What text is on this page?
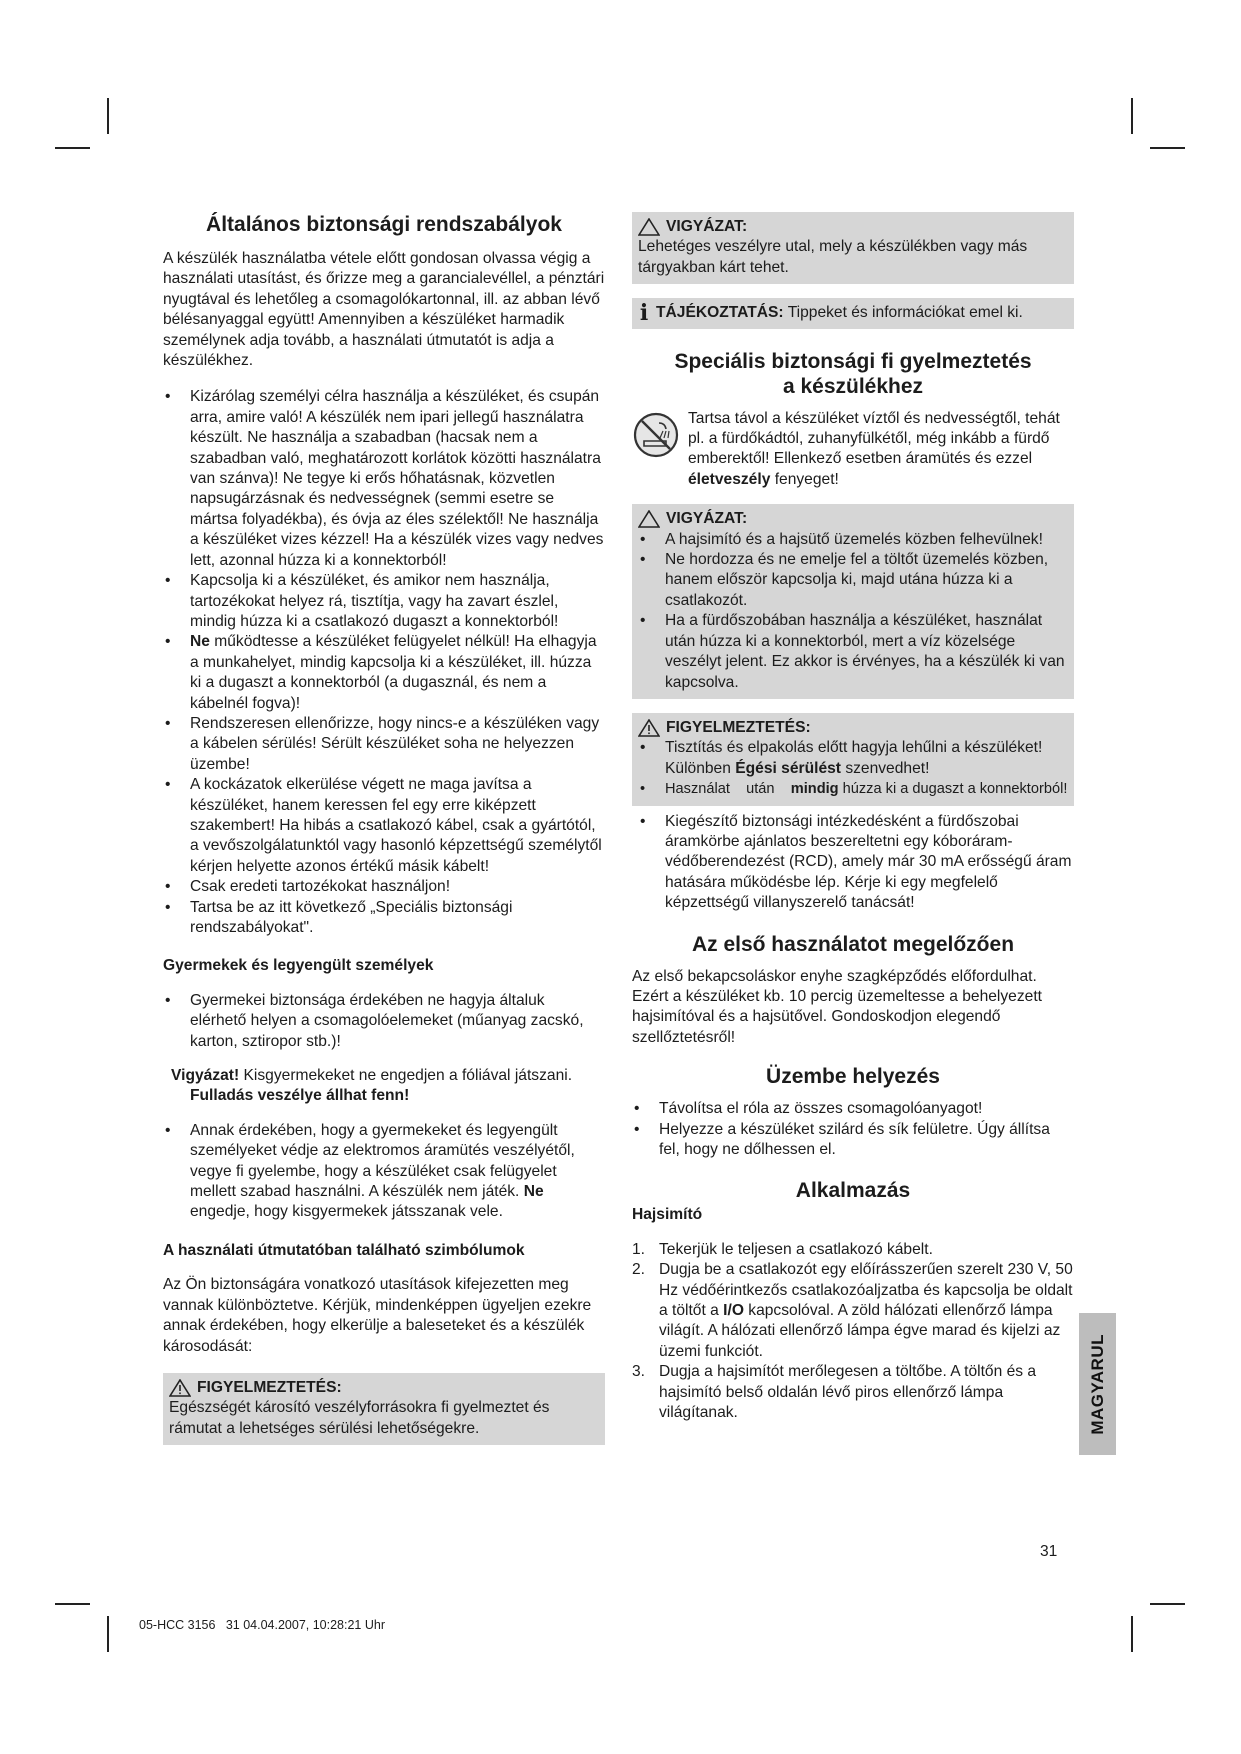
Általános biztonsági rendszabályok

A készülék használatba vétele előtt gondosan olvassa végig a használati utasítást, és őrizze meg a garancialevéllel, a pénztári nyugtával és lehetőleg a csomagolókartonnal, ill. az abban lévő bélésanyaggal együtt! Amennyiben a készüléket harmadik személynek adja tovább, a használati útmutatót is adja a készülékhez.

• Kizárólag személyi célra használja a készüléket, és csupán arra, amire való! A készülék nem ipari jellegű használatra készült. Ne használja a szabadban (hacsak nem a szabadban való, meghatározott korlátok közötti használatra van szánva)! Ne tegye ki erős hőhatásnak, közvetlen napsugárzásnak és nedvességnek (semmi esetre se mártsa folyadékba), és óvja az éles szélektől! Ne használja a készüléket vizes kézzel! Ha a készülék vizes vagy nedves lett, azonnal húzza ki a konnektorból!
• Kapcsolja ki a készüléket, és amikor nem használja, tartozékokat helyez rá, tisztítja, vagy ha zavart észlel, mindig húzza ki a csatlakozó dugaszt a konnektorból!
• Ne működtesse a készüléket felügyelet nélkül! Ha elhagyja a munkahelyet, mindig kapcsolja ki a készüléket, ill. húzza ki a dugaszt a konnektorból (a dugasznál, és nem a kábelnél fogva)!
• Rendszeresen ellenőrizze, hogy nincs-e a készüléken vagy a kábelen sérülés! Sérült készüléket soha ne helyezzen üzembe!
• A kockázatok elkerülése végett ne maga javítsa a készüléket, hanem keressen fel egy erre kiképzett szakembert! Ha hibás a csatlakozó kábel, csak a gyártótól, a vevőszolgálatunktól vagy hasonló képzettségű személytől kérjen helyette azonos értékű másik kábelt!
• Csak eredeti tartozékokat használjon!
• Tartsa be az itt következő „Speciális biztonsági rendszabályokat".
Gyermekek és legyengült személyek
• Gyermekei biztonsága érdekében ne hagyja általuk elérhető helyen a csomagolóelemeket (műanyag zacskó, karton, sztiropor stb.)!

Vigyázat! Kisgyermekeket ne engedjen a fóliával játszani.
Fulladás veszélye állhat fenn!

• Annak érdekében, hogy a gyermekeket és legyengült személyeket védje az elektromos áramütés veszélyétől, vegye fi gyelembe, hogy a készüléket csak felügyelet mellett szabad használni. A készülék nem játék. Ne engedje, hogy kisgyermekek játsszanak vele.
A használati útmutatóban található szimbólumok

Az Ön biztonságára vonatkozó utasítások kifejezetten meg vannak különböztetve. Kérjük, mindenképpen ügyeljen ezekre annak érdekében, hogy elkerülje a baleseteket és a készülék károsodását:

FIGYELMEZTETÉS:
Egészségét károsító veszélyforrásokra fi gyelmeztet és rámutat a lehetséges sérülési lehetőségekre.
VIGYÁZAT:
Lehetéges veszélyre utal, mely a készülékben vagy más tárgyakban kárt tehet.
i TÁJÉKOZTATÁS: Tippeket és információkat emel ki.
Speciális biztonsági fi gyelmeztetés
a készülékhez
Tartsa távol a készüléket víztől és nedvességtől, tehát pl. a fürdőkádtól, zuhanyfülkétől, még inkább a fürdő emberektől! Ellenkező esetben áramütés és ezzel életveszély fenyeget!
VIGYÁZAT:
• A hajsimító és a hajsütő üzemelés közben felhevülnek!
• Ne hordozza és ne emelje fel a töltőt üzemelés közben, hanem először kapcsolja ki, majd utána húzza ki a csatlakozót.
• Ha a fürdőszobában használja a készüléket, használat után húzza ki a konnektorból, mert a víz közelsége veszélyt jelent. Ez akkor is érvényes, ha a készülék ki van kapcsolva.
FIGYELMEZTETÉS:
• Tisztítás és elpakolás előtt hagyja lehűlni a készüléket! Különben Égési sérülést szenvedhet!
• Használat    után    mindig húzza ki a dugaszt a konnektorból!
• Kiegészítő biztonsági intézkedésként a fürdőszobai áramkörbe ajánlatos beszereltetni egy kóboráram-védőberendezést (RCD), amely már 30 mA erősségű áram hatására működésbe lép. Kérje ki egy megfelelő képzettségű villanyszerelő tanácsát!
Az első használatot megelőzően

Az első bekapcsoláskor enyhe szagképződés előfordulhat. Ezért a készüléket kb. 10 percig üzemeltesse a behelyezett hajsimítóval és a hajsütővel. Gondoskodjon elegendő szellőztetésről!

Üzembe helyezés
• Távolítsa el róla az összes csomagolóanyagot!
• Helyezze a készüléket szilárd és sík felületre. Úgy állítsa fel, hogy ne dőlhessen el.
Alkalmazás
Hajsimító
1. Tekerjük le teljesen a csatlakozó kábelt.
2. Dugja be a csatlakozót egy előírásszerűen szerelt 230 V, 50 Hz védőérintkezős csatlakozóaljzatba és kapcsolja be oldalt a töltőt a I/O kapcsolóval. A zöld hálózati ellenőrző lámpa világít. A hálózati ellenőrző lámpa égve marad és kijelzi az üzemi funkciót.
3. Dugja a hajsimítót merőlegesen a töltőbe. A töltőn és a hajsimító belső oldalán lévő piros ellenőrző lámpa világítanak.	MAGYARUL
31
05-HCC 3156   31 04.04.2007, 10:28:21 Uhr
